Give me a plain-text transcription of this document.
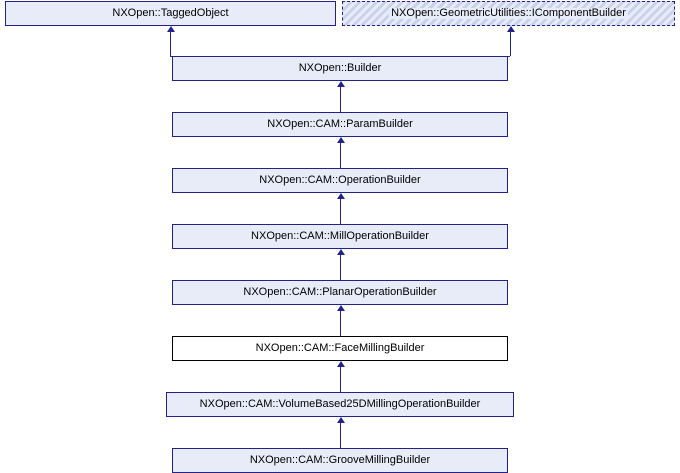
NXOpen::TaggedObject	NXOpen::GeometricUtilities::IComponentBuilder
NXOpen::Builder
NXOpen::CAM::ParamBuilder
NXOpen::CAM::OperationBuilder
NXOpen::CAM::MillOperationBuilder
NXOpen::CAM::PlanarOperationBuilder
NXOpen::CAM::FaceMillingBuilder
NXOpen::CAM::VolumeBased25DMillingOperationBuilder
NXOpen::CAM::GrooveMillingBuilder
